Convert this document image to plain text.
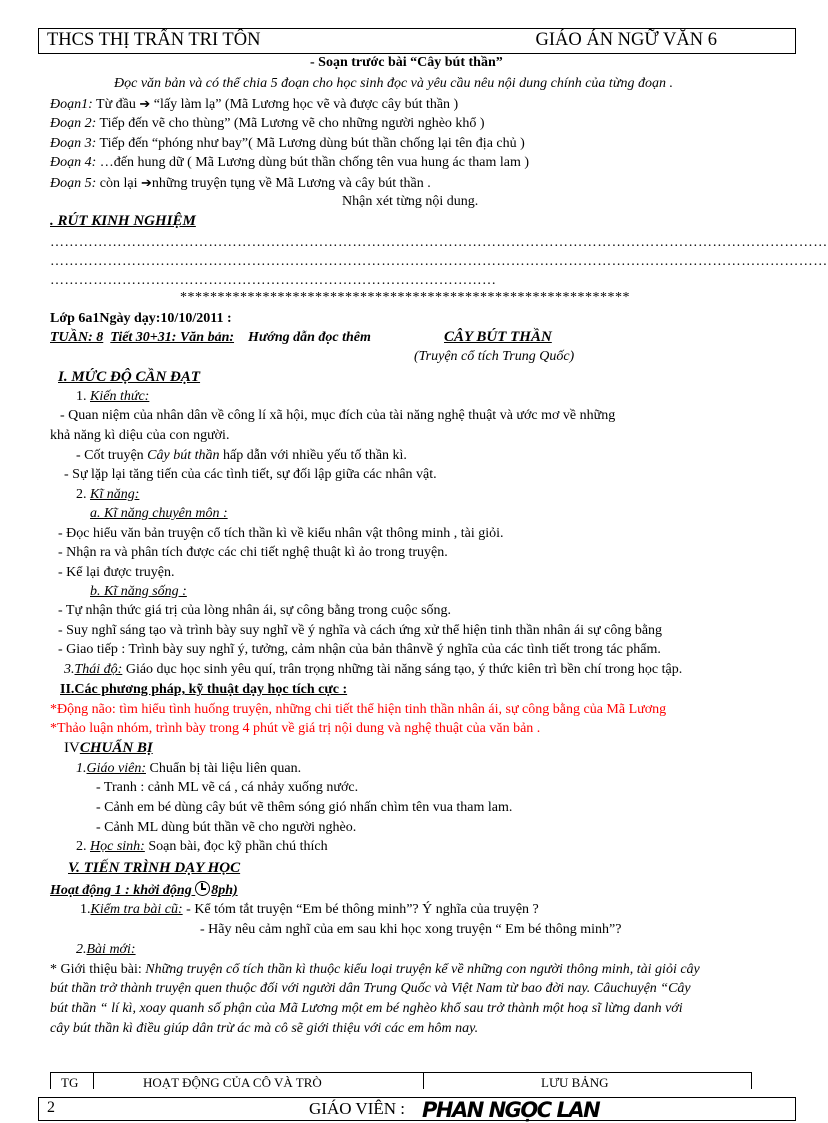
THCS THỊ TRẤN TRI TÔN	GIÁO ÁN NGỮ VĂN 6
- Soạn trước bài “Cây bút thần”
Đọc văn bản và có thể chia 5 đoạn cho học sinh đọc và yêu cầu nêu nội dung chính của từng đoạn .
Đoạn1: Từ đầu ➔ “lấy làm lạ” (Mã Lương học vẽ và được cây bút thần )
Đoạn 2: Tiếp đến vẽ cho thùng” (Mã Lương vẽ cho những người nghèo khổ )
Đoạn 3: Tiếp đến “phóng như bay”( Mã Lương dùng bút thần chống lại tên địa chủ )
Đoạn 4: …đến hung dữ ( Mã Lương dùng bút thần chống tên vua hung ác tham lam )
Đoạn 5: còn lại ➔những truyện tụng về Mã Lương và cây bút thần .
Nhận xét từng nội dung.
. RÚT KINH NGHIỆM
………………………………………………………………………………………………………………………………………………
………………………………………………………………………………………………………………………………………………
…………………………………………………………………………………
************************************************************
Lớp 6a1Ngày dạy:10/10/2011 :
TUẦN: 8 Tiết 30+31: Văn bản: Hướng dẫn đọc thêm	CÂY BÚT THẦN
(Truyện cổ tích Trung Quốc)
I. MỨC ĐỘ CẦN ĐẠT
1. Kiến thức:
- Quan niệm của nhân dân về công lí xã hội, mục đích của tài năng nghệ thuật và ước mơ về những
khả năng kì diệu của con người.
- Cốt truyện Cây bút thần hấp dẫn với nhiều yếu tố thần kì.
- Sự lặp lại tăng tiến của các tình tiết, sự đối lập giữa các nhân vật.
2. Kĩ năng:
a. Kĩ năng chuyên môn :
- Đọc hiểu văn bản truyện cổ tích thần kì về kiểu nhân vật thông minh , tài giỏi.
- Nhận ra và phân tích được các chi tiết nghệ thuật kì ảo trong truyện.
- Kể lại được truyện.
b. Kĩ năng sống :
- Tự nhận thức giá trị của lòng nhân ái, sự công bằng trong cuộc sống.
- Suy nghĩ sáng tạo và trình bày suy nghĩ về ý nghĩa và cách ứng xử thể hiện tinh thần nhân ái sự công bằng
- Giao tiếp : Trình bày suy nghĩ ý, tưởng, cảm nhận của bản thânvề ý nghĩa của các tình tiết trong tác phẩm.
3.Thái độ: Giáo dục học sinh yêu quí, trân trọng những tài năng sáng tạo, ý thức kiên trì bền chí trong học tập.
II.Các phương pháp, kỹ thuật dạy học tích cực :
*Động não: tìm hiểu tình huống truyện, những chi tiết thể hiện tinh thần nhân ái, sự công bằng của Mã Lương
*Thảo luận nhóm, trình bày trong 4 phút về giá trị nội dung và nghệ thuật của văn bản .
IVCHUẨN BỊ
1.Giáo viên: Chuẩn bị tài liệu liên quan.
- Tranh : cảnh ML vẽ cá , cá nhảy xuống nước.
- Cảnh em bé dùng cây bút vẽ thêm sóng gió nhấn chìm tên vua tham lam.
- Cảnh ML dùng bút thần vẽ cho người nghèo.
2. Học sinh: Soạn bài, đọc kỹ phần chú thích
V. TIẾN TRÌNH DẠY HỌC
Hoạt động 1 : khởi động
8ph)
1.Kiểm tra bài cũ: - Kể tóm tắt truyện “Em bé thông minh”? Ý nghĩa của truyện ?
- Hãy nêu cảm nghĩ của em sau khi học xong truyện “ Em bé thông minh”?
2.Bài mới:
* Giới thiệu bài: Những truyện cổ tích thần kì thuộc kiểu loại truyện kể về những con người thông minh, tài giỏi cây
bút thần trở thành truyện quen thuộc đối với người dân Trung Quốc và Việt Nam từ bao đời nay. Câuchuyện “Cây
bút thần “ lí kì, xoay quanh số phận của Mã Lương một em bé nghèo khổ sau trở thành một hoạ sĩ lừng danh với
cây bút thần kì điều giúp dân trừ ác mà cô sẽ giới thiệu với các em hôm nay.
TG	HOẠT ĐỘNG CỦA CÔ VÀ TRÒ	LƯU BẢNG
2	GIÁO VIÊN : PHAN NGỌC LAN
